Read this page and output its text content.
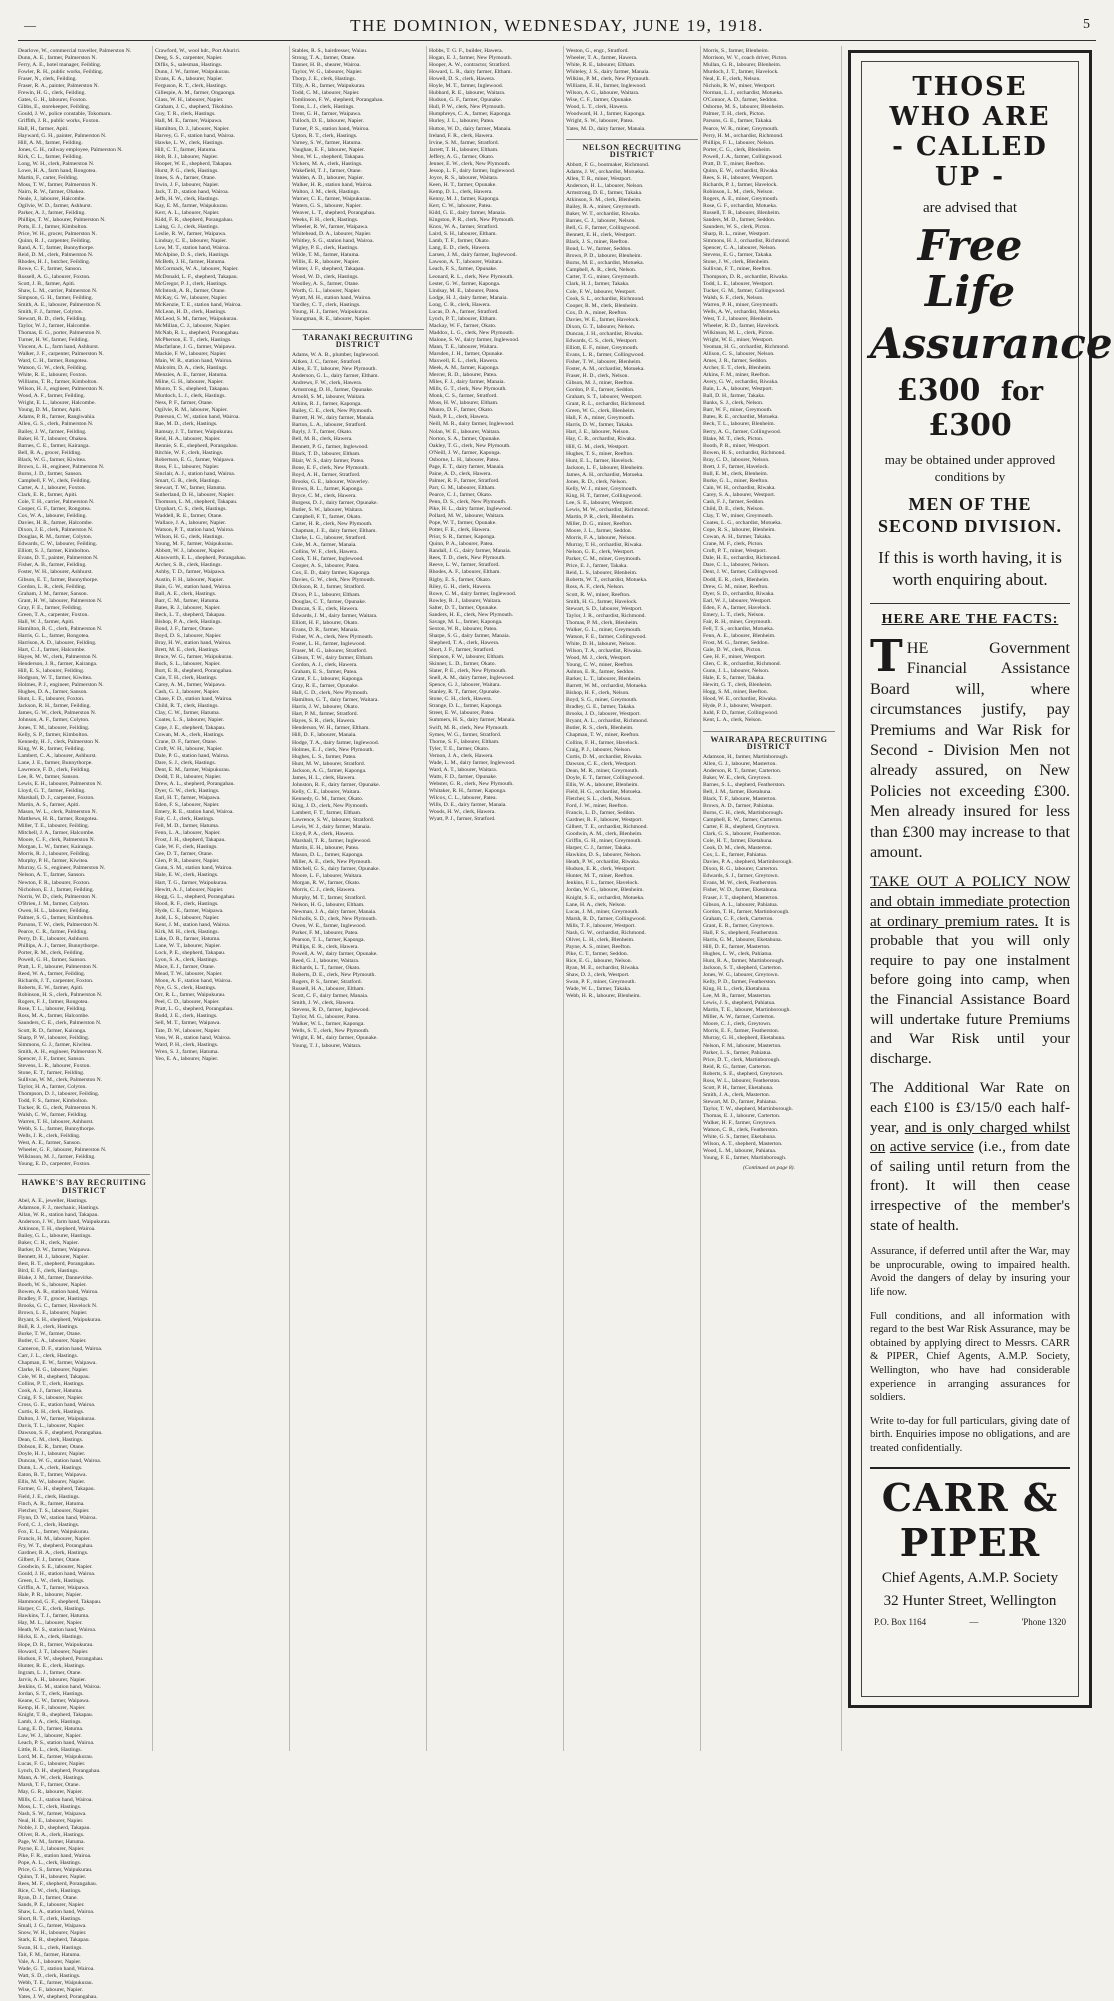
—	THE DOMINION, WEDNESDAY, JUNE 19, 1918.	5
Dearlove, W., commercial traveller, Palmerston N.
Dunn, A. E., farmer, Palmerston N.
Ferry, A. E., hotel manager, Feilding.
Fowler, R. H., public works, Feilding.
Fraser, N., clerk, Feilding.
Fraser, R. A., painter, Palmerston N.
Frewin, H. G., clerk, Feilding.
Gates, G. H., labourer, Foxton.
Gibbs, E., storekeeper, Feilding.
Gould, J. W., police constable, Tokomaru.
Griffith, J. R., public works, Foxton.
Hall, H., farmer, Apiti.
Hayward, G. H., painter, Palmerston N.
Hill, A. M., farmer, Feilding.
Jones, C. H., railway employee, Palmerston N.
Kirk, C. L., farmer, Feilding.
Long, W. H., clerk, Palmerston N.
Lowe, H. A., farm hand, Rongotea.
Martin, F., carter, Feilding.
Moss, T. W., farmer, Palmerston N.
Nairn, R. W., farmer, Ohakea.
Neale, J., labourer, Halcombe.
Ogilvie, W. D., farmer, Ashhurst.
Parker, A. J., farmer, Feilding.
Phillips, T. W., labourer, Palmerston N.
Potts, E. J., farmer, Kimbolton.
Price, W. H., grocer, Palmerston N.
Quinn, R. J., carpenter, Feilding.
Rand, A. T., farmer, Bunnythorpe.
Reid, D. M., clerk, Palmerston N.
Rhodes, H. J., butcher, Feilding.
Rowe, C. F., farmer, Sanson.
Russell, A. G., labourer, Foxton.
Scott, J. B., farmer, Apiti.
Shaw, L. M., carrier, Palmerston N.
Simpson, G. H., farmer, Feilding.
Smith, A. E., labourer, Palmerston N.
Smith, F. J., farmer, Colyton.
Stewart, R. D., clerk, Feilding.
Taylor, W. J., farmer, Halcombe.
Thomas, E. G., porter, Palmerston N.
Turner, H. W., farmer, Feilding.
Vincent, A. L., farm hand, Ashhurst.
Walker, J. F., carpenter, Palmerston N.
Ward, C. H., farmer, Rongotea.
Watson, G. W., clerk, Feilding.
White, R. E., labourer, Foxton.
Williams, T. R., farmer, Kimbolton.
Wilson, H. J., engineer, Palmerston N.
Wood, A. F., farmer, Feilding.
Wright, E. L., labourer, Halcombe.
Young, D. M., farmer, Apiti.
Adams, P. R., farmer, Rangiwahia.
Allen, G. S., clerk, Palmerston N.
Bailey, J. W., farmer, Feilding.
Baker, H. T., labourer, Ohakea.
Barnes, C. E., farmer, Kairanga.
Bell, R. A., grocer, Feilding.
Black, W. G., farmer, Kiwitea.
Brown, L. H., engineer, Palmerston N.
Burns, J. D., farmer, Sanson.
Campbell, F. W., clerk, Feilding.
Carter, A. J., labourer, Foxton.
Clark, E. R., farmer, Apiti.
Cole, T. H., carrier, Palmerston N.
Cooper, G. F., farmer, Rongotea.
Cox, W. A., labourer, Feilding.
Davies, H. R., farmer, Halcombe.
Dixon, J. E., clerk, Palmerston N.
Douglas, R. M., farmer, Colyton.
Edwards, C. W., labourer, Feilding.
Elliott, S. J., farmer, Kimbolton.
Evans, D. T., painter, Palmerston N.
Fisher, A. B., farmer, Feilding.
Foster, W. H., labourer, Ashhurst.
Gibson, E. T., farmer, Bunnythorpe.
Gordon, L. R., clerk, Feilding.
Graham, J. M., farmer, Sanson.
Grant, H. W., labourer, Palmerston N.
Gray, F. E., farmer, Feilding.
Green, T. A., carpenter, Foxton.
Hall, W. J., farmer, Apiti.
Hamilton, R. C., clerk, Palmerston N.
Harris, G. L., farmer, Rongotea.
Harrison, A. D., labourer, Feilding.
Hart, C. J., farmer, Halcombe.
Hayes, M. W., clerk, Palmerston N.
Henderson, J. R., farmer, Kairanga.
Hill, E. S., labourer, Feilding.
Hodgson, W. T., farmer, Kiwitea.
Holmes, P. J., engineer, Palmerston N.
Hughes, D. A., farmer, Sanson.
Hunt, L. E., labourer, Foxton.
Jackson, R. H., farmer, Feilding.
James, G. W., clerk, Palmerston N.
Johnson, A. F., farmer, Colyton.
Jones, T. M., labourer, Feilding.
Kelly, S. P., farmer, Kimbolton.
Kennedy, H. J., clerk, Palmerston N.
King, W. R., farmer, Feilding.
Lambert, C. A., labourer, Ashhurst.
Lane, J. E., farmer, Bunnythorpe.
Lawrence, F. D., clerk, Feilding.
Lee, R. W., farmer, Sanson.
Lewis, E. H., labourer, Palmerston N.
Lloyd, G. T., farmer, Feilding.
Marshall, D. J., carpenter, Foxton.
Martin, A. S., farmer, Apiti.
Mason, W. L., clerk, Palmerston N.
Matthews, H. R., farmer, Rongotea.
Miller, T. E., labourer, Feilding.
Mitchell, J. A., farmer, Halcombe.
Moore, C. F., clerk, Palmerston N.
Morgan, L. W., farmer, Kairanga.
Morris, R. J., labourer, Feilding.
Murphy, P. H., farmer, Kiwitea.
Murray, G. S., engineer, Palmerston N.
Nelson, A. T., farmer, Sanson.
Newton, F. R., labourer, Foxton.
Nicholson, E. J., farmer, Feilding.
Norris, W. D., clerk, Palmerston N.
O'Brien, J. M., farmer, Colyton.
Owen, H. L., labourer, Feilding.
Palmer, S. G., farmer, Kimbolton.
Parsons, T. W., clerk, Palmerston N.
Pearce, C. R., farmer, Feilding.
Perry, D. E., labourer, Ashhurst.
Phillips, A. J., farmer, Bunnythorpe.
Porter, R. M., clerk, Feilding.
Powell, G. H., farmer, Sanson.
Pratt, L. F., labourer, Palmerston N.
Reed, W. A., farmer, Feilding.
Richards, J. T., carpenter, Foxton.
Roberts, E. W., farmer, Apiti.
Robinson, H. S., clerk, Palmerston N.
Rogers, F. J., farmer, Rongotea.
Rose, T. L., labourer, Feilding.
Ross, M. A., farmer, Halcombe.
Saunders, C. E., clerk, Palmerston N.
Scott, R. D., farmer, Kairanga.
Sharp, P. W., labourer, Feilding.
Simmons, G. J., farmer, Kiwitea.
Smith, A. H., engineer, Palmerston N.
Spencer, J. F., farmer, Sanson.
Stevens, L. R., labourer, Foxton.
Stone, E. T., farmer, Feilding.
Sullivan, W. M., clerk, Palmerston N.
Taylor, H. A., farmer, Colyton.
Thompson, D. J., labourer, Feilding.
Todd, F. S., farmer, Kimbolton.
Tucker, R. G., clerk, Palmerston N.
Walsh, C. W., farmer, Feilding.
Warren, T. H., labourer, Ashhurst.
Webb, S. L., farmer, Bunnythorpe.
Wells, J. R., clerk, Feilding.
West, A. E., farmer, Sanson.
Wheeler, G. F., labourer, Palmerston N.
Wilkinson, M. J., farmer, Feilding.
Young, E. D., carpenter, Foxton.
HAWKE'S BAY RECRUITING DISTRICT
Abel, A. E., jeweller, Hastings.
Adamson, F. J., mechanic, Hastings.
Allan, W. R., station hand, Takapau.
Anderson, J. W., farm hand, Waipukurau.
Atkinson, T. H., shepherd, Wairoa.
Bailey, G. L., labourer, Hastings.
Baker, C. H., clerk, Napier.
Barker, D. W., farmer, Waipawa.
Bennett, H. J., labourer, Napier.
Best, R. T., shepherd, Porangahau.
Bird, E. F., clerk, Hastings.
Blake, J. M., farmer, Dannevirke.
Booth, W. S., labourer, Napier.
Bowen, A. R., station hand, Wairoa.
Bradley, F. T., grocer, Hastings.
Brooks, G. C., farmer, Havelock N.
Brown, L. E., labourer, Napier.
Bryant, S. H., shepherd, Waipukurau.
Bull, R. J., clerk, Hastings.
Burke, T. W., farmer, Otane.
Butler, C. A., labourer, Napier.
Cameron, D. F., station hand, Wairoa.
Carr, J. L., clerk, Hastings.
Chapman, E. W., farmer, Waipawa.
Clarke, H. G., labourer, Napier.
Cole, W. R., shepherd, Takapau.
Collins, P. T., clerk, Hastings.
Cook, A. J., farmer, Hatuma.
Craig, F. S., labourer, Napier.
Cross, G. E., station hand, Wairoa.
Curtis, R. H., clerk, Hastings.
Dalton, J. W., farmer, Waipukurau.
Davis, T. L., labourer, Napier.
Dawson, S. F., shepherd, Porangahau.
Dean, C. M., clerk, Hastings.
Dobson, E. R., farmer, Otane.
Doyle, H. J., labourer, Napier.
Duncan, W. G., station hand, Wairoa.
Dunn, L. A., clerk, Hastings.
Eaton, R. T., farmer, Waipawa.
Ellis, M. W., labourer, Napier.
Farmer, G. H., shepherd, Takapau.
Field, J. E., clerk, Hastings.
Finch, A. R., farmer, Hatuma.
Fletcher, T. S., labourer, Napier.
Flynn, D. W., station hand, Wairoa.
Ford, C. J., clerk, Hastings.
Fox, E. L., farmer, Waipukurau.
Francis, H. M., labourer, Napier.
Fry, W. T., shepherd, Porangahau.
Gardner, R. A., clerk, Hastings.
Gilbert, F. J., farmer, Otane.
Goodwin, S. E., labourer, Napier.
Gould, J. H., station hand, Wairoa.
Green, L. W., clerk, Hastings.
Griffin, A. T., farmer, Waipawa.
Hale, P. R., labourer, Napier.
Hammond, G. F., shepherd, Takapau.
Harper, C. E., clerk, Hastings.
Hawkins, T. J., farmer, Hatuma.
Hay, M. L., labourer, Napier.
Heath, W. S., station hand, Wairoa.
Hicks, E. A., clerk, Hastings.
Hope, D. R., farmer, Waipukurau.
Howard, J. T., labourer, Napier.
Hudson, F. W., shepherd, Porangahau.
Hunter, R. E., clerk, Hastings.
Ingram, L. J., farmer, Otane.
Jarvis, A. H., labourer, Napier.
Jenkins, G. M., station hand, Wairoa.
Jordan, S. T., clerk, Hastings.
Keane, C. W., farmer, Waipawa.
Kemp, H. F., labourer, Napier.
Knight, T. R., shepherd, Takapau.
Lamb, J. A., clerk, Hastings.
Lang, E. D., farmer, Hatuma.
Law, W. J., labourer, Napier.
Leach, P. S., station hand, Wairoa.
Little, R. L., clerk, Hastings.
Lord, M. E., farmer, Waipukurau.
Lucas, F. G., labourer, Napier.
Lynch, D. H., shepherd, Porangahau.
Mann, A. W., clerk, Hastings.
Marsh, T. F., farmer, Otane.
May, G. R., labourer, Napier.
Mills, C. J., station hand, Wairoa.
Moss, L. T., clerk, Hastings.
Nash, S. W., farmer, Waipawa.
Neal, H. E., labourer, Napier.
Noble, J. D., shepherd, Takapau.
Oliver, R. A., clerk, Hastings.
Page, W. M., farmer, Hatuma.
Payne, E. J., labourer, Napier.
Pike, F. R., station hand, Wairoa.
Pope, A. L., clerk, Hastings.
Price, G. S., farmer, Waipukurau.
Quinn, T. H., labourer, Napier.
Rees, M. F., shepherd, Porangahau.
Rice, C. W., clerk, Hastings.
Ryan, D. J., farmer, Otane.
Sands, P. E., labourer, Napier.
Shaw, L. A., station hand, Wairoa.
Short, R. T., clerk, Hastings.
Small, J. G., farmer, Waipawa.
Snow, W. H., labourer, Napier.
Stark, E. R., shepherd, Takapau.
Swan, H. L., clerk, Hastings.
Tait, F. M., farmer, Hatuma.
Vale, A. J., labourer, Napier.
Wade, G. T., station hand, Wairoa.
Watt, S. D., clerk, Hastings.
Webb, T. E., farmer, Waipukurau.
Wise, C. F., labourer, Napier.
Yates, J. W., shepherd, Porangahau.
Crawford, W., wool hdr., Port Ahuriri.
Deeg, S. S., carpenter, Napier.
Diflis, S., salesman, Hastings.
Dunn, J. W., farmer, Waipukurau.
Evans, E. A., labourer, Napier.
Ferguson, R. T., clerk, Hastings.
Gillespie, A. M., farmer, Ongaonga.
Glass, W. H., labourer, Napier.
Graham, J. C., shepherd, Tikokino.
Guy, T. R., clerk, Hastings.
Hall, M. E., farmer, Waipawa.
Hamilton, D. J., labourer, Napier.
Harvey, G. F., station hand, Wairoa.
Hawke, L. W., clerk, Hastings.
Hill, C. T., farmer, Hatuma.
Holt, R. J., labourer, Napier.
Hooper, W. E., shepherd, Takapau.
Hurst, P. G., clerk, Hastings.
Innes, S. A., farmer, Otane.
Irwin, J. F., labourer, Napier.
Jack, T. D., station hand, Wairoa.
Jeffs, H. W., clerk, Hastings.
Kay, E. M., farmer, Waipukurau.
Kerr, A. L., labourer, Napier.
Kidd, F. R., shepherd, Porangahau.
Laing, G. J., clerk, Hastings.
Leslie, R. W., farmer, Waipawa.
Lindsay, C. E., labourer, Napier.
Low, M. T., station hand, Wairoa.
McAlpine, D. S., clerk, Hastings.
McBeth, J. H., farmer, Hatuma.
McCormack, W. A., labourer, Napier.
McDonald, L. F., shepherd, Takapau.
McGregor, P. J., clerk, Hastings.
McIntosh, A. R., farmer, Otane.
McKay, G. W., labourer, Napier.
McKenzie, T. E., station hand, Wairoa.
McLean, H. D., clerk, Hastings.
McLeod, S. M., farmer, Waipukurau.
McMillan, C. J., labourer, Napier.
McNab, R. L., shepherd, Porangahau.
McPherson, E. T., clerk, Hastings.
Macfarlane, J. G., farmer, Waipawa.
Mackie, F. W., labourer, Napier.
Main, W. R., station hand, Wairoa.
Malcolm, D. A., clerk, Hastings.
Menzies, A. E., farmer, Hatuma.
Milne, G. H., labourer, Napier.
Munro, T. S., shepherd, Takapau.
Murdoch, L. J., clerk, Hastings.
Ness, P. F., farmer, Otane.
Ogilvie, R. M., labourer, Napier.
Paterson, C. W., station hand, Wairoa.
Rae, M. D., clerk, Hastings.
Ramsay, J. T., farmer, Waipukurau.
Reid, H. A., labourer, Napier.
Rennie, S. E., shepherd, Porangahau.
Ritchie, W. F., clerk, Hastings.
Robertson, E. G., farmer, Waipawa.
Ross, F. L., labourer, Napier.
Sinclair, A. J., station hand, Wairoa.
Smart, G. R., clerk, Hastings.
Stewart, T. W., farmer, Hatuma.
Sutherland, D. H., labourer, Napier.
Thomson, L. M., shepherd, Takapau.
Urquhart, C. S., clerk, Hastings.
Waddell, R. E., farmer, Otane.
Wallace, J. A., labourer, Napier.
Watson, P. T., station hand, Wairoa.
Wilson, H. G., clerk, Hastings.
Young, M. F., farmer, Waipukurau.
Abbott, W. J., labourer, Napier.
Ainsworth, E. L., shepherd, Porangahau.
Archer, S. R., clerk, Hastings.
Ashby, T. D., farmer, Waipawa.
Austin, F. H., labourer, Napier.
Bain, G. W., station hand, Wairoa.
Ball, A. E., clerk, Hastings.
Barr, C. M., farmer, Hatuma.
Bates, R. J., labourer, Napier.
Beck, L. T., shepherd, Takapau.
Bishop, P. A., clerk, Hastings.
Bond, J. F., farmer, Otane.
Boyd, D. S., labourer, Napier.
Bray, H. W., station hand, Wairoa.
Brett, M. E., clerk, Hastings.
Bruce, W. G., farmer, Waipukurau.
Buck, S. L., labourer, Napier.
Burt, E. R., shepherd, Porangahau.
Cain, T. H., clerk, Hastings.
Carey, A. M., farmer, Waipawa.
Cash, G. J., labourer, Napier.
Chase, F. D., station hand, Wairoa.
Child, R. T., clerk, Hastings.
Clay, C. W., farmer, Hatuma.
Coates, L. S., labourer, Napier.
Cope, J. E., shepherd, Takapau.
Cowan, M. A., clerk, Hastings.
Crane, D. F., farmer, Otane.
Croft, W. H., labourer, Napier.
Dale, P. G., station hand, Wairoa.
Dare, S. J., clerk, Hastings.
Dent, E. M., farmer, Waipukurau.
Dodd, T. R., labourer, Napier.
Drew, A. L., shepherd, Porangahau.
Dyer, G. W., clerk, Hastings.
Earl, H. T., farmer, Waipawa.
Eden, F. S., labourer, Napier.
Emery, R. E., station hand, Wairoa.
Fair, C. J., clerk, Hastings.
Fell, M. D., farmer, Hatuma.
Fenn, L. A., labourer, Napier.
Frost, J. H., shepherd, Takapau.
Gale, W. F., clerk, Hastings.
Gee, D. T., farmer, Otane.
Glen, P. R., labourer, Napier.
Gunn, S. M., station hand, Wairoa.
Hale, E. W., clerk, Hastings.
Hart, T. G., farmer, Waipukurau.
Hewitt, A. J., labourer, Napier.
Hogg, G. L., shepherd, Porangahau.
Hood, R. F., clerk, Hastings.
Hyde, C. E., farmer, Waipawa.
Judd, L. S., labourer, Napier.
Kent, J. M., station hand, Wairoa.
Kirk, M. H., clerk, Hastings.
Lake, D. R., farmer, Hatuma.
Lane, W. T., labourer, Napier.
Lock, P. E., shepherd, Takapau.
Lyon, S. A., clerk, Hastings.
Mace, E. J., farmer, Otane.
Mead, T. W., labourer, Napier.
Moon, A. F., station hand, Wairoa.
Nye, G. S., clerk, Hastings.
Orr, R. L., farmer, Waipukurau.
Peel, C. D., labourer, Napier.
Pratt, L. G., shepherd, Porangahau.
Rudd, J. E., clerk, Hastings.
Sell, M. T., farmer, Waipawa.
Tate, D. W., labourer, Napier.
Voss, W. R., station hand, Wairoa.
Ward, P. H., clerk, Hastings.
Wren, S. J., farmer, Hatuma.
Yeo, E. A., labourer, Napier.
Stables, R. S., hairdresser, Waiau.
Strong, T. A., farmer, Otane.
Tanner, H. B., shearer, Wairoa.
Taylor, W. G., labourer, Napier.
Thorp, J. E., clerk, Hastings.
Tilly, A. R., farmer, Waipukurau.
Todd, C. M., labourer, Napier.
Tomlinson, F. W., shepherd, Porangahau.
Toms, L. J., clerk, Hastings.
Trent, G. H., farmer, Waipawa.
Tulloch, D. E., labourer, Napier.
Turner, P. S., station hand, Wairoa.
Upton, R. T., clerk, Hastings.
Varney, S. W., farmer, Hatuma.
Vaughan, E. F., labourer, Napier.
Venn, W. L., shepherd, Takapau.
Vickers, M. A., clerk, Hastings.
Wakefield, T. J., farmer, Otane.
Walden, A. D., labourer, Napier.
Walker, H. R., station hand, Wairoa.
Walton, J. M., clerk, Hastings.
Warner, C. E., farmer, Waipukurau.
Waters, G. S., labourer, Napier.
Weaver, L. T., shepherd, Porangahau.
Weeks, F. H., clerk, Hastings.
Wheeler, R. W., farmer, Waipawa.
Whitehead, D. A., labourer, Napier.
Whitley, S. G., station hand, Wairoa.
Wigley, P. E., clerk, Hastings.
Wilde, T. M., farmer, Hatuma.
Willis, E. R., labourer, Napier.
Winter, J. F., shepherd, Takapau.
Wood, W. D., clerk, Hastings.
Woolley, A. S., farmer, Otane.
Worth, G. L., labourer, Napier.
Wyatt, M. H., station hand, Wairoa.
Yardley, C. T., clerk, Hastings.
Young, H. J., farmer, Waipukurau.
Youngman, R. E., labourer, Napier.
TARANAKI RECRUITING DISTRICT
Adams, W. A. B., plumber, Inglewood.
Aitken, J. C., farmer, Stratford.
Allen, E. T., labourer, New Plymouth.
Anderson, G. L., dairy farmer, Eltham.
Andrews, F. W., clerk, Hawera.
Armstrong, D. H., farmer, Opunake.
Arnold, S. M., labourer, Waitara.
Atkins, R. J., farmer, Kaponga.
Bailey, C. E., clerk, New Plymouth.
Barrett, H. W., dairy farmer, Manaia.
Barton, L. A., labourer, Stratford.
Bayly, J. T., farmer, Okato.
Bell, M. R., clerk, Hawera.
Bennett, P. G., farmer, Inglewood.
Black, T. D., labourer, Eltham.
Blair, W. S., dairy farmer, Patea.
Bone, E. F., clerk, New Plymouth.
Boyd, A. H., farmer, Stratford.
Brooks, G. E., labourer, Waverley.
Brown, R. L., farmer, Kaponga.
Bryce, C. M., clerk, Hawera.
Burgess, D. J., dairy farmer, Opunake.
Butler, S. W., labourer, Waitara.
Campbell, F. T., farmer, Okato.
Carter, H. R., clerk, New Plymouth.
Chapman, J. E., dairy farmer, Eltham.
Clarke, L. G., labourer, Stratford.
Cole, M. A., farmer, Manaia.
Collins, W. F., clerk, Hawera.
Cook, T. H., farmer, Inglewood.
Cooper, A. S., labourer, Patea.
Cox, E. D., dairy farmer, Kaponga.
Davies, G. W., clerk, New Plymouth.
Dickson, R. J., farmer, Stratford.
Dixon, P. L., labourer, Eltham.
Douglas, C. T., farmer, Opunake.
Duncan, S. E., clerk, Hawera.
Edwards, J. M., dairy farmer, Waitara.
Elliott, H. F., labourer, Okato.
Evans, D. R., farmer, Manaia.
Fisher, W. A., clerk, New Plymouth.
Foster, L. H., farmer, Inglewood.
Fraser, M. G., labourer, Stratford.
Gibson, T. W., dairy farmer, Eltham.
Gordon, A. J., clerk, Hawera.
Graham, E. S., farmer, Patea.
Grant, F. L., labourer, Kaponga.
Gray, R. E., farmer, Opunake.
Hall, C. D., clerk, New Plymouth.
Hamilton, G. T., dairy farmer, Waitara.
Harris, J. W., labourer, Okato.
Hart, P. M., farmer, Stratford.
Hayes, S. R., clerk, Hawera.
Henderson, W. H., farmer, Eltham.
Hill, D. F., labourer, Manaia.
Hodge, T. A., dairy farmer, Inglewood.
Holmes, E. J., clerk, New Plymouth.
Hughes, L. S., farmer, Patea.
Hunt, M. W., labourer, Stratford.
Jackson, A. G., farmer, Kaponga.
James, H. L., clerk, Hawera.
Johnston, R. F., dairy farmer, Opunake.
Kelly, C. E., labourer, Waitara.
Kennedy, G. M., farmer, Okato.
King, J. D., clerk, New Plymouth.
Lambert, F. T., farmer, Eltham.
Lawrence, S. W., labourer, Stratford.
Lewis, W. J., dairy farmer, Manaia.
Lloyd, P. A., clerk, Hawera.
Marshall, T. R., farmer, Inglewood.
Martin, E. H., labourer, Patea.
Mason, D. L., farmer, Kaponga.
Miller, A. E., clerk, New Plymouth.
Mitchell, G. S., dairy farmer, Opunake.
Moore, L. F., labourer, Waitara.
Morgan, R. W., farmer, Okato.
Morris, C. J., clerk, Hawera.
Murphy, M. T., farmer, Stratford.
Nelson, H. G., labourer, Eltham.
Newman, J. A., dairy farmer, Manaia.
Nicholls, S. D., clerk, New Plymouth.
Owen, W. E., farmer, Inglewood.
Parker, F. M., labourer, Patea.
Pearson, T. L., farmer, Kaponga.
Phillips, E. R., clerk, Hawera.
Powell, A. W., dairy farmer, Opunake.
Reed, G. J., labourer, Waitara.
Richards, L. T., farmer, Okato.
Roberts, D. E., clerk, New Plymouth.
Rogers, P. S., farmer, Stratford.
Russell, H. A., labourer, Eltham.
Scott, C. F., dairy farmer, Manaia.
Smith, J. W., clerk, Hawera.
Stevens, R. D., farmer, Inglewood.
Taylor, M. G., labourer, Patea.
Walker, W. L., farmer, Kaponga.
Wells, S. T., clerk, New Plymouth.
Wright, E. M., dairy farmer, Opunake.
Young, T. J., labourer, Waitara.
Hobbs, T. G. F., builder, Hawera.
Hogan, E. J., farmer, New Plymouth.
Hooper, A. W., contractor, Stratford.
Howard, L. R., dairy farmer, Eltham.
Howell, D. S., clerk, Hawera.
Hoyle, M. T., farmer, Inglewood.
Hubbard, R. E., labourer, Waitara.
Hudson, G. F., farmer, Opunake.
Hull, P. W., clerk, New Plymouth.
Humphreys, C. A., farmer, Kaponga.
Hurley, J. L., labourer, Patea.
Hutton, W. D., dairy farmer, Manaia.
Ireland, F. R., clerk, Hawera.
Irvine, S. M., farmer, Stratford.
Jarrett, T. H., labourer, Eltham.
Jeffery, A. G., farmer, Okato.
Jenner, E. W., clerk, New Plymouth.
Jessop, L. F., dairy farmer, Inglewood.
Joyce, R. S., labourer, Waitara.
Keen, H. T., farmer, Opunake.
Kemp, D. L., clerk, Hawera.
Kenny, M. J., farmer, Kaponga.
Kerr, C. W., labourer, Patea.
Kidd, G. E., dairy farmer, Manaia.
Kingston, P. R., clerk, New Plymouth.
Knox, W. A., farmer, Stratford.
Laird, S. H., labourer, Eltham.
Lamb, T. F., farmer, Okato.
Lang, E. D., clerk, Hawera.
Larsen, J. M., dairy farmer, Inglewood.
Lawson, A. T., labourer, Waitara.
Leach, F. S., farmer, Opunake.
Leonard, R. L., clerk, New Plymouth.
Lester, G. W., farmer, Kaponga.
Lindsay, M. E., labourer, Patea.
Lodge, H. J., dairy farmer, Manaia.
Long, C. R., clerk, Hawera.
Lucas, D. A., farmer, Stratford.
Lynch, P. T., labourer, Eltham.
Mackay, W. F., farmer, Okato.
Maddox, L. G., clerk, New Plymouth.
Malone, S. W., dairy farmer, Inglewood.
Mann, T. E., labourer, Waitara.
Marsden, J. H., farmer, Opunake.
Maxwell, E. L., clerk, Hawera.
Meek, A. M., farmer, Kaponga.
Mercer, R. D., labourer, Patea.
Miles, F. J., dairy farmer, Manaia.
Mills, G. T., clerk, New Plymouth.
Monk, C. S., farmer, Stratford.
Moss, H. W., labourer, Eltham.
Munro, D. F., farmer, Okato.
Nash, P. L., clerk, Hawera.
Neill, M. R., dairy farmer, Inglewood.
Nolan, W. E., labourer, Waitara.
Norton, S. A., farmer, Opunake.
Oakley, T. G., clerk, New Plymouth.
O'Neill, J. W., farmer, Kaponga.
Osborne, L. H., labourer, Patea.
Page, E. T., dairy farmer, Manaia.
Paine, A. D., clerk, Hawera.
Palmer, R. F., farmer, Stratford.
Parr, G. M., labourer, Eltham.
Pearce, C. J., farmer, Okato.
Penn, D. S., clerk, New Plymouth.
Pike, H. L., dairy farmer, Inglewood.
Pollard, M. W., labourer, Waitara.
Pope, W. T., farmer, Opunake.
Potter, F. E., clerk, Hawera.
Prior, S. R., farmer, Kaponga.
Quinn, P. A., labourer, Patea.
Randall, J. G., dairy farmer, Manaia.
Rees, T. D., clerk, New Plymouth.
Reeve, L. W., farmer, Stratford.
Rhodes, A. F., labourer, Eltham.
Rigby, E. S., farmer, Okato.
Riley, G. H., clerk, Hawera.
Rowe, C. M., dairy farmer, Inglewood.
Rowley, R. J., labourer, Waitara.
Salter, D. T., farmer, Opunake.
Sanders, H. E., clerk, New Plymouth.
Savage, M. L., farmer, Kaponga.
Sexton, W. R., labourer, Patea.
Sharpe, S. G., dairy farmer, Manaia.
Shepherd, T. A., clerk, Hawera.
Short, J. F., farmer, Stratford.
Simpson, F. W., labourer, Eltham.
Skinner, L. D., farmer, Okato.
Slater, P. E., clerk, New Plymouth.
Snell, A. M., dairy farmer, Inglewood.
Spence, G. J., labourer, Waitara.
Stanley, R. T., farmer, Opunake.
Stone, C. H., clerk, Hawera.
Strange, D. L., farmer, Kaponga.
Street, E. W., labourer, Patea.
Summers, H. S., dairy farmer, Manaia.
Swift, M. R., clerk, New Plymouth.
Symes, W. G., farmer, Stratford.
Thorne, S. F., labourer, Eltham.
Tyler, T. E., farmer, Okato.
Vernon, J. A., clerk, Hawera.
Wade, L. M., dairy farmer, Inglewood.
Ward, A. T., labourer, Waitara.
Watts, F. D., farmer, Opunake.
Webster, G. R., clerk, New Plymouth.
Whitaker, R. H., farmer, Kaponga.
Wilcox, C. L., labourer, Patea.
Wills, D. E., dairy farmer, Manaia.
Woods, H. W., clerk, Hawera.
Wyatt, P. J., farmer, Stratford.
Weston, G., engr., Stratford.
Wheeler, T. A., farmer, Hawera.
White, R. E., labourer, Eltham.
Whiteley, J. S., dairy farmer, Manaia.
Wilkins, P. M., clerk, New Plymouth.
Williams, E. H., farmer, Inglewood.
Wilson, A. G., labourer, Waitara.
Wise, C. F., farmer, Opunake.
Wood, L. T., clerk, Hawera.
Woodward, H. J., farmer, Kaponga.
Wright, S. W., labourer, Patea.
Yates, M. D., dairy farmer, Manaia.
NELSON RECRUITING DISTRICT
Abbott, F. G., bootmaker, Richmond.
Adams, J. W., orchardist, Motueka.
Allen, T. R., miner, Westport.
Anderson, H. L., labourer, Nelson.
Armstrong, D. E., farmer, Takaka.
Atkinson, S. M., clerk, Blenheim.
Bailey, R. A., miner, Greymouth.
Baker, W. T., orchardist, Riwaka.
Barnes, C. J., labourer, Nelson.
Bell, G. F., farmer, Collingwood.
Bennett, E. H., clerk, Westport.
Black, J. S., miner, Reefton.
Bond, L. W., farmer, Seddon.
Brown, P. D., labourer, Blenheim.
Burns, M. E., orchardist, Motueka.
Campbell, A. R., clerk, Nelson.
Carter, T. G., miner, Greymouth.
Clark, H. J., farmer, Takaka.
Cole, F. W., labourer, Westport.
Cook, S. L., orchardist, Richmond.
Cooper, R. M., clerk, Blenheim.
Cox, D. A., miner, Reefton.
Davies, W. E., farmer, Havelock.
Dixon, G. T., labourer, Nelson.
Duncan, J. H., orchardist, Riwaka.
Edwards, C. S., clerk, Westport.
Elliott, E. F., miner, Greymouth.
Evans, L. R., farmer, Collingwood.
Fisher, T. W., labourer, Blenheim.
Foster, A. M., orchardist, Motueka.
Fraser, H. D., clerk, Nelson.
Gibson, M. J., miner, Reefton.
Gordon, P. E., farmer, Seddon.
Graham, S. T., labourer, Westport.
Grant, R. L., orchardist, Richmond.
Green, W. G., clerk, Blenheim.
Hall, F. A., miner, Greymouth.
Harris, D. W., farmer, Takaka.
Hart, J. E., labourer, Nelson.
Hay, C. R., orchardist, Riwaka.
Hill, G. M., clerk, Westport.
Hughes, T. S., miner, Reefton.
Hunt, E. L., farmer, Havelock.
Jackson, L. F., labourer, Blenheim.
James, A. H., orchardist, Motueka.
Jones, R. D., clerk, Nelson.
Kelly, W. J., miner, Greymouth.
King, H. T., farmer, Collingwood.
Lee, S. E., labourer, Westport.
Lewis, M. W., orchardist, Richmond.
Martin, P. R., clerk, Blenheim.
Miller, D. G., miner, Reefton.
Moore, J. L., farmer, Seddon.
Morris, F. A., labourer, Nelson.
Murray, T. H., orchardist, Riwaka.
Nelson, G. E., clerk, Westport.
Parker, C. M., miner, Greymouth.
Price, E. J., farmer, Takaka.
Reid, L. S., labourer, Blenheim.
Roberts, W. T., orchardist, Motueka.
Ross, A. F., clerk, Nelson.
Scott, R. W., miner, Reefton.
Smith, H. G., farmer, Havelock.
Stewart, S. D., labourer, Westport.
Taylor, J. R., orchardist, Richmond.
Thomas, P. M., clerk, Blenheim.
Walker, G. L., miner, Greymouth.
Watson, F. E., farmer, Collingwood.
White, D. H., labourer, Nelson.
Wilson, T. A., orchardist, Riwaka.
Wood, M. J., clerk, Westport.
Young, C. W., miner, Reefton.
Ashton, E. R., farmer, Seddon.
Barker, L. T., labourer, Blenheim.
Barrett, W. M., orchardist, Motueka.
Bishop, H. F., clerk, Nelson.
Boyd, S. G., miner, Greymouth.
Bradley, G. E., farmer, Takaka.
Brooks, J. D., labourer, Westport.
Bryant, A. L., orchardist, Richmond.
Butler, R. S., clerk, Blenheim.
Chapman, T. W., miner, Reefton.
Collins, F. H., farmer, Havelock.
Craig, P. J., labourer, Nelson.
Curtis, D. M., orchardist, Riwaka.
Dawson, C. E., clerk, Westport.
Dean, M. R., miner, Greymouth.
Doyle, E. T., farmer, Collingwood.
Ellis, W. A., labourer, Blenheim.
Field, H. G., orchardist, Motueka.
Fletcher, S. L., clerk, Nelson.
Ford, J. W., miner, Reefton.
Francis, L. D., farmer, Seddon.
Gardner, R. F., labourer, Westport.
Gilbert, T. E., orchardist, Richmond.
Goodwin, A. M., clerk, Blenheim.
Griffin, G. H., miner, Greymouth.
Harper, C. J., farmer, Takaka.
Hawkins, D. S., labourer, Nelson.
Heath, P. W., orchardist, Riwaka.
Hudson, E. R., clerk, Westport.
Hunter, M. T., miner, Reefton.
Jenkins, F. L., farmer, Havelock.
Jordan, W. G., labourer, Blenheim.
Knight, S. E., orchardist, Motueka.
Lane, H. A., clerk, Nelson.
Lucas, J. M., miner, Greymouth.
Marsh, R. D., farmer, Collingwood.
Mills, T. F., labourer, Westport.
Nash, G. W., orchardist, Richmond.
Oliver, L. H., clerk, Blenheim.
Payne, A. S., miner, Reefton.
Pike, C. T., farmer, Seddon.
Rice, E. G., labourer, Nelson.
Ryan, M. E., orchardist, Riwaka.
Shaw, D. J., clerk, Westport.
Swan, P. F., miner, Greymouth.
Wade, W. L., farmer, Takaka.
Webb, H. R., labourer, Blenheim.
Morris, S., farmer, Blenheim.
Morrison, W. V., coach driver, Picton.
Mullan, G. R., labourer, Blenheim.
Murdoch, J. T., farmer, Havelock.
Neal, E. F., clerk, Nelson.
Nichols, R. W., miner, Westport.
Norman, L. J., orchardist, Motueka.
O'Connor, A. D., farmer, Seddon.
Osborne, M. S., labourer, Blenheim.
Palmer, T. H., clerk, Picton.
Parsons, G. E., farmer, Takaka.
Pearce, W. R., miner, Greymouth.
Perry, H. M., orchardist, Richmond.
Phillips, F. L., labourer, Nelson.
Porter, C. G., clerk, Blenheim.
Powell, J. A., farmer, Collingwood.
Pratt, D. T., miner, Reefton.
Quinn, E. W., orchardist, Riwaka.
Rees, S. H., labourer, Westport.
Richards, P. J., farmer, Havelock.
Robinson, L. M., clerk, Nelson.
Rogers, A. E., miner, Greymouth.
Rose, G. F., orchardist, Motueka.
Russell, T. R., labourer, Blenheim.
Sanders, M. D., farmer, Seddon.
Saunders, W. S., clerk, Picton.
Sharp, R. L., miner, Westport.
Simmons, H. J., orchardist, Richmond.
Spencer, C. A., labourer, Nelson.
Stevens, E. G., farmer, Takaka.
Stone, J. W., clerk, Blenheim.
Sullivan, F. T., miner, Reefton.
Thompson, D. R., orchardist, Riwaka.
Todd, L. E., labourer, Westport.
Tucker, G. M., farmer, Collingwood.
Walsh, S. F., clerk, Nelson.
Warren, P. H., miner, Greymouth.
Wells, A. W., orchardist, Motueka.
West, T. J., labourer, Blenheim.
Wheeler, R. D., farmer, Havelock.
Wilkinson, M. L., clerk, Picton.
Wright, W. E., miner, Westport.
Yeoman, H. G., orchardist, Richmond.
Allison, C. S., labourer, Nelson.
Ames, J. R., farmer, Seddon.
Archer, E. T., clerk, Blenheim.
Atkins, F. M., miner, Reefton.
Avery, G. W., orchardist, Riwaka.
Bain, L. A., labourer, Westport.
Ball, D. H., farmer, Takaka.
Banks, S. J., clerk, Nelson.
Barr, W. F., miner, Greymouth.
Bates, R. E., orchardist, Motueka.
Beck, T. L., labourer, Blenheim.
Berry, A. G., farmer, Collingwood.
Blake, M. T., clerk, Picton.
Booth, P. R., miner, Westport.
Bowen, H. S., orchardist, Richmond.
Bray, C. D., labourer, Nelson.
Brett, J. F., farmer, Havelock.
Bull, E. M., clerk, Blenheim.
Burke, G. L., miner, Reefton.
Cain, W. H., orchardist, Riwaka.
Carey, S. A., labourer, Westport.
Cash, F. J., farmer, Seddon.
Child, D. E., clerk, Nelson.
Clay, T. W., miner, Greymouth.
Coates, L. G., orchardist, Motueka.
Cope, R. S., labourer, Blenheim.
Cowan, A. H., farmer, Takaka.
Crane, M. F., clerk, Picton.
Croft, P. T., miner, Westport.
Dale, H. E., orchardist, Richmond.
Dare, C. L., labourer, Nelson.
Dent, J. W., farmer, Collingwood.
Dodd, E. R., clerk, Blenheim.
Drew, G. M., miner, Reefton.
Dyer, S. D., orchardist, Riwaka.
Earl, W. J., labourer, Westport.
Eden, F. A., farmer, Havelock.
Emery, L. T., clerk, Nelson.
Fair, R. H., miner, Greymouth.
Fell, T. S., orchardist, Motueka.
Fenn, A. E., labourer, Blenheim.
Frost, M. G., farmer, Seddon.
Gale, D. W., clerk, Picton.
Gee, H. F., miner, Westport.
Glen, C. R., orchardist, Richmond.
Gunn, J. L., labourer, Nelson.
Hale, E. S., farmer, Takaka.
Hewitt, G. T., clerk, Blenheim.
Hogg, S. M., miner, Reefton.
Hood, W. E., orchardist, Riwaka.
Hyde, P. J., labourer, Westport.
Judd, F. D., farmer, Collingwood.
Kent, L. A., clerk, Nelson.
WAIRARAPA RECRUITING DISTRICT
Adamson, H., farmer, Martinborough.
Allen, G. J., labourer, Masterton.
Anderson, R. T., farmer, Carterton.
Baker, W. E., clerk, Greytown.
Barnes, S. L., shepherd, Featherston.
Bell, J. M., farmer, Eketahuna.
Black, T. F., labourer, Masterton.
Brown, A. D., farmer, Pahiatua.
Burns, C. H., clerk, Martinborough.
Campbell, E. W., farmer, Carterton.
Carter, F. R., shepherd, Greytown.
Clark, G. S., labourer, Featherston.
Cole, H. T., farmer, Eketahuna.
Cook, D. M., clerk, Masterton.
Cox, L. E., farmer, Pahiatua.
Davies, P. A., shepherd, Martinborough.
Dixon, R. G., labourer, Carterton.
Edwards, S. J., farmer, Greytown.
Evans, M. W., clerk, Featherston.
Fisher, W. D., farmer, Eketahuna.
Fraser, J. T., shepherd, Masterton.
Gibson, A. L., labourer, Pahiatua.
Gordon, T. H., farmer, Martinborough.
Graham, C. F., clerk, Carterton.
Grant, E. R., farmer, Greytown.
Hall, F. S., shepherd, Featherston.
Harris, G. M., labourer, Eketahuna.
Hill, D. E., farmer, Masterton.
Hughes, L. W., clerk, Pahiatua.
Hunt, R. A., farmer, Martinborough.
Jackson, S. T., shepherd, Carterton.
Jones, W. G., labourer, Greytown.
Kelly, P. D., farmer, Featherston.
King, H. L., clerk, Eketahuna.
Lee, M. R., farmer, Masterton.
Lewis, J. S., shepherd, Pahiatua.
Martin, T. E., labourer, Martinborough.
Miller, A. W., farmer, Carterton.
Moore, C. J., clerk, Greytown.
Morris, E. F., farmer, Featherston.
Murray, G. H., shepherd, Eketahuna.
Nelson, F. M., labourer, Masterton.
Parker, L. S., farmer, Pahiatua.
Price, D. T., clerk, Martinborough.
Reid, R. G., farmer, Carterton.
Roberts, S. E., shepherd, Greytown.
Ross, W. L., labourer, Featherston.
Scott, P. H., farmer, Eketahuna.
Smith, J. A., clerk, Masterton.
Stewart, M. D., farmer, Pahiatua.
Taylor, T. W., shepherd, Martinborough.
Thomas, E. J., labourer, Carterton.
Walker, H. F., farmer, Greytown.
Watson, C. R., clerk, Featherston.
White, G. S., farmer, Eketahuna.
Wilson, A. T., shepherd, Masterton.
Wood, L. M., labourer, Pahiatua.
Young, F. E., farmer, Martinborough.
(Continued on page 8).
THOSE WHO ARE
- CALLED UP -
are advised that
Free Life
Assurance
£300 for £300
may be obtained under approved conditions by
MEN OF THE SECOND DIVISION.
If this is worth having, it is worth enquiring about.
HERE ARE THE FACTS:
THE Government Financial Assistance Board will, where circumstances justify, pay Premiums and War Risk for Second - Division Men not already assured, on New Policies not exceeding £300. Men already insured for less than £300 may increase to that amount.
TAKE OUT A POLICY NOW and obtain immediate protection at ordinary premium rates. It is probable that you will only require to pay one instalment before going into camp, when the Financial Assistance Board will undertake future Premiums and War Risk until your discharge.
The Additional War Rate on each £100 is £3/15/0 each half-year, and is only charged whilst on active service (i.e., from date of sailing until return from the front). It will then cease irrespective of the member's state of health.
Assurance, if deferred until after the War, may be unprocurable, owing to impaired health. Avoid the dangers of delay by insuring your life now.
Full conditions, and all information with regard to the best War Risk Assurance, may be obtained by applying direct to Messrs. CARR & PIPER, Chief Agents, A.M.P. Society, Wellington, who have had considerable experience in arranging assurances for soldiers.
Write to-day for full particulars, giving date of birth. Enquiries impose no obligations, and are treated confidentially.
CARR & PIPER
Chief Agents, A.M.P. Society
32 Hunter Street, Wellington
P.O. Box 1164	—	'Phone 1320
